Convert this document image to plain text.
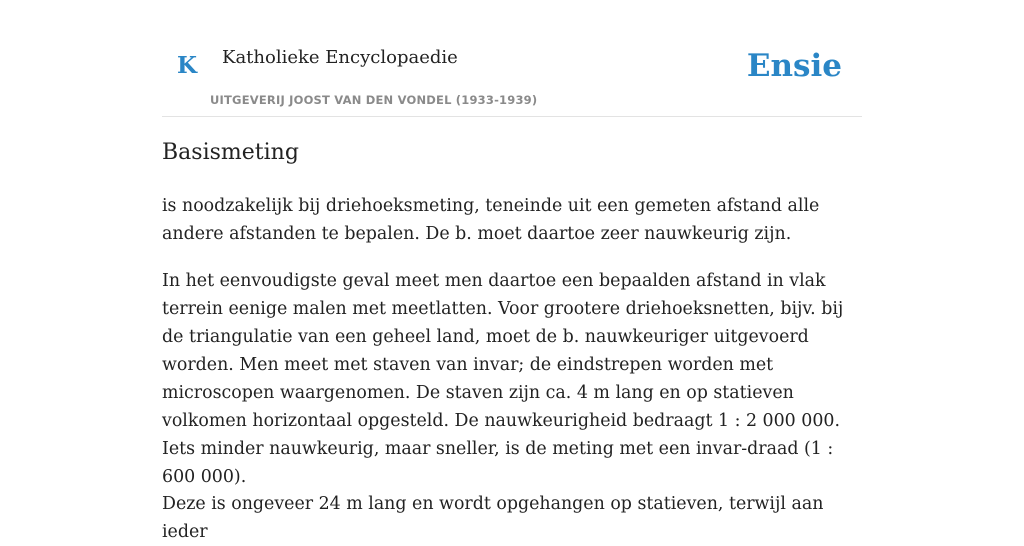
K Katholieke Encyclopaedie
UITGEVERIJ JOOST VAN DEN VONDEL (1933-1939)
Ensie
Basismeting

is noodzakelijk bij driehoeksmeting, teneinde uit een gemeten afstand alle andere afstanden te bepalen. De b. moet daartoe zeer nauwkeurig zijn.

In het eenvoudigste geval meet men daartoe een bepaalden afstand in vlak terrein eenige malen met meetlatten. Voor grootere driehoeksnetten, bijv. bij de triangulatie van een geheel land, moet de b. nauwkeuriger uitgevoerd worden. Men meet met staven van invar; de eindstrepen worden met microscopen waargenomen. De staven zijn ca. 4 m lang en op statieven volkomen horizontaal opgesteld. De nauwkeurigheid bedraagt 1 : 2 000 000. Iets minder nauwkeurig, maar sneller, is de meting met een invar-draad (1 : 600 000).

Deze is ongeveer 24 m lang en wordt opgehangen op statieven, terwijl aan ieder
